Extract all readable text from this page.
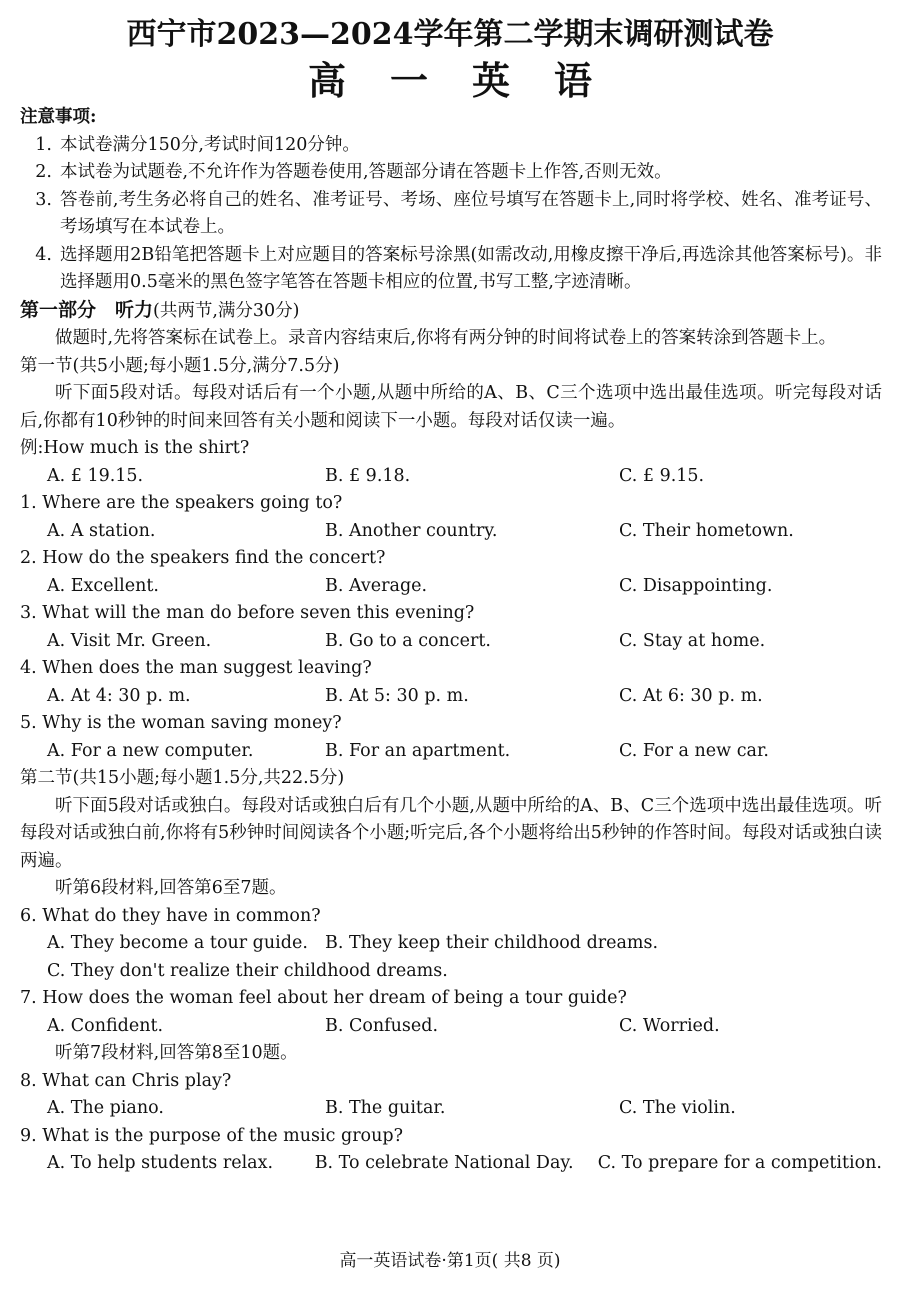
西宁市2023—2024学年第二学期末调研测试卷
高一英语
注意事项:
1. 本试卷满分150分,考试时间120分钟。
2. 本试卷为试题卷,不允许作为答题卷使用,答题部分请在答题卡上作答,否则无效。
3. 答卷前,考生务必将自己的姓名、准考证号、考场、座位号填写在答题卡上,同时将学校、姓名、准考证号、考场填写在本试卷上。
4. 选择题用2B铅笔把答题卡上对应题目的答案标号涂黑(如需改动,用橡皮擦干净后,再选涂其他答案标号)。非选择题用0.5毫米的黑色签字笔答在答题卡相应的位置,书写工整,字迹清晰。
第一部分　听力(共两节,满分30分)
做题时,先将答案标在试卷上。录音内容结束后,你将有两分钟的时间将试卷上的答案转涂到答题卡上。
第一节(共5小题;每小题1.5分,满分7.5分)
听下面5段对话。每段对话后有一个小题,从题中所给的A、B、C三个选项中选出最佳选项。听完每段对话后,你都有10秒钟的时间来回答有关小题和阅读下一小题。每段对话仅读一遍。
例:How much is the shirt?
A. £ 19.15.	B. £ 9.18.	C. £ 9.15.
1. Where are the speakers going to?
A. A station.	B. Another country.	C. Their hometown.
2. How do the speakers find the concert?
A. Excellent.	B. Average.	C. Disappointing.
3. What will the man do before seven this evening?
A. Visit Mr. Green.	B. Go to a concert.	C. Stay at home.
4. When does the man suggest leaving?
A. At 4: 30 p. m.	B. At 5: 30 p. m.	C. At 6: 30 p. m.
5. Why is the woman saving money?
A. For a new computer.	B. For an apartment.	C. For a new car.
第二节(共15小题;每小题1.5分,共22.5分)
听下面5段对话或独白。每段对话或独白后有几个小题,从题中所给的A、B、C三个选项中选出最佳选项。听每段对话或独白前,你将有5秒钟时间阅读各个小题;听完后,各个小题将给出5秒钟的作答时间。每段对话或独白读两遍。
听第6段材料,回答第6至7题。
6. What do they have in common?
A. They become a tour guide. B. They keep their childhood dreams.
C. They don't realize their childhood dreams.
7. How does the woman feel about her dream of being a tour guide?
A. Confident.	B. Confused.	C. Worried.
听第7段材料,回答第8至10题。
8. What can Chris play?
A. The piano.	B. The guitar.	C. The violin.
9. What is the purpose of the music group?
A. To help students relax.	B. To celebrate National Day.	C. To prepare for a competition.
高一英语试卷·第1页( 共8 页)
